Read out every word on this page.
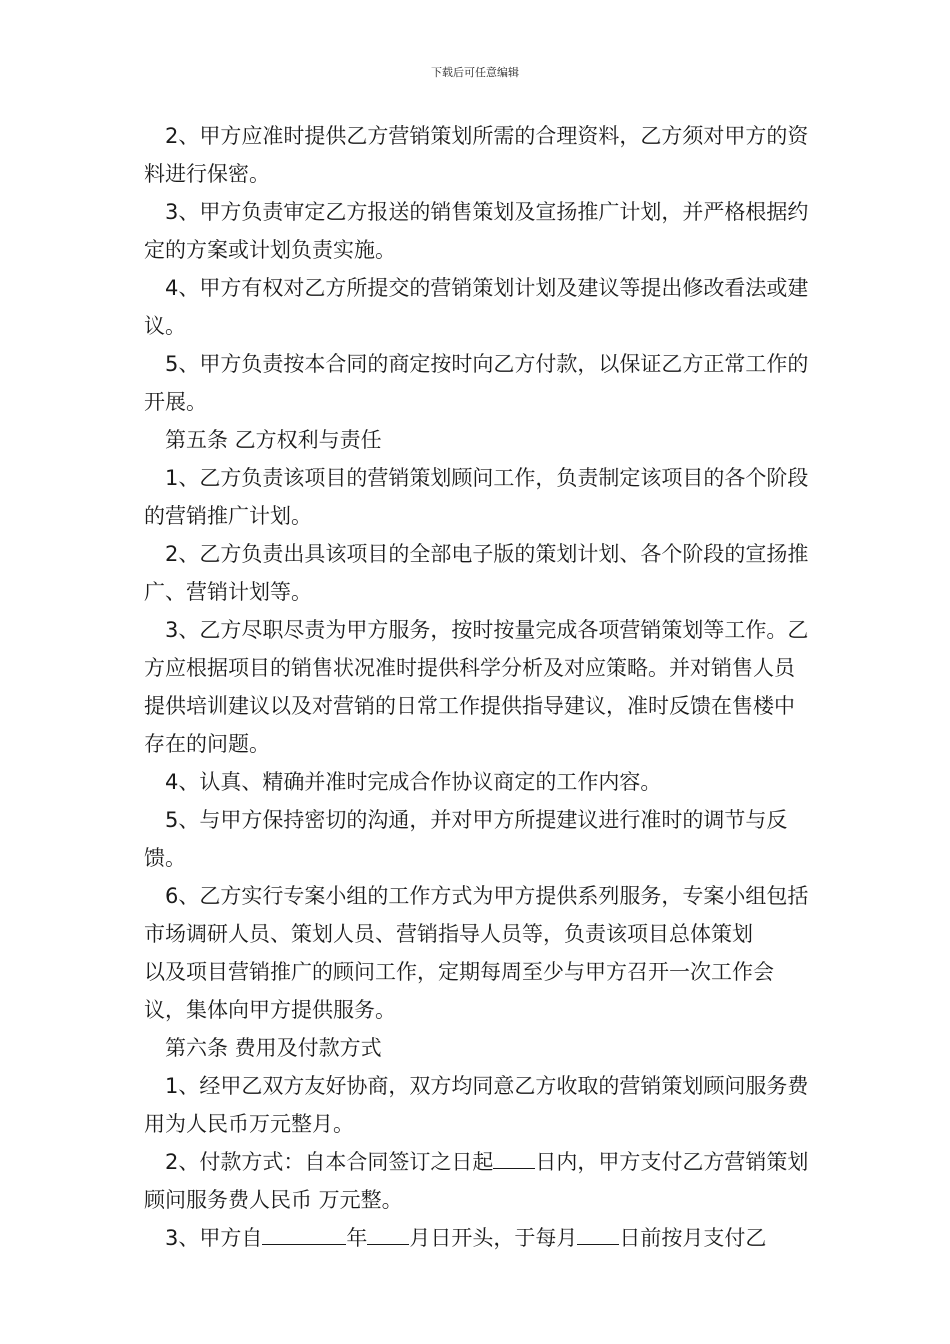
下载后可任意编辑

2、甲方应准时提供乙方营销策划所需的合理资料，乙方须对甲方的资料进行保密。

3、甲方负责审定乙方报送的销售策划及宣扬推广计划，并严格根据约定的方案或计划负责实施。

4、甲方有权对乙方所提交的营销策划计划及建议等提出修改看法或建议。

5、甲方负责按本合同的商定按时向乙方付款，以保证乙方正常工作的开展。

第五条 乙方权利与责任

1、乙方负责该项目的营销策划顾问工作，负责制定该项目的各个阶段的营销推广计划。

2、乙方负责出具该项目的全部电子版的策划计划、各个阶段的宣扬推广、营销计划等。

3、乙方尽职尽责为甲方服务，按时按量完成各项营销策划等工作。乙方应根据项目的销售状况准时提供科学分析及对应策略。并对销售人员提供培训建议以及对营销的日常工作提供指导建议，准时反馈在售楼中存在的问题。

4、认真、精确并准时完成合作协议商定的工作内容。

5、与甲方保持密切的沟通，并对甲方所提建议进行准时的调节与反馈。

6、乙方实行专案小组的工作方式为甲方提供系列服务，专案小组包括市场调研人员、策划人员、营销指导人员等，负责该项目总体策划以及项目营销推广的顾问工作，定期每周至少与甲方召开一次工作会议，集体向甲方提供服务。

第六条 费用及付款方式

1、经甲乙双方友好协商，双方均同意乙方收取的营销策划顾问服务费用为人民币万元整月。

2、付款方式：自本合同签订之日起 日内，甲方支付乙方营销策划顾问服务费人民币 万元整。

3、甲方自	年 月日开头，于每月 日前按月支付乙
